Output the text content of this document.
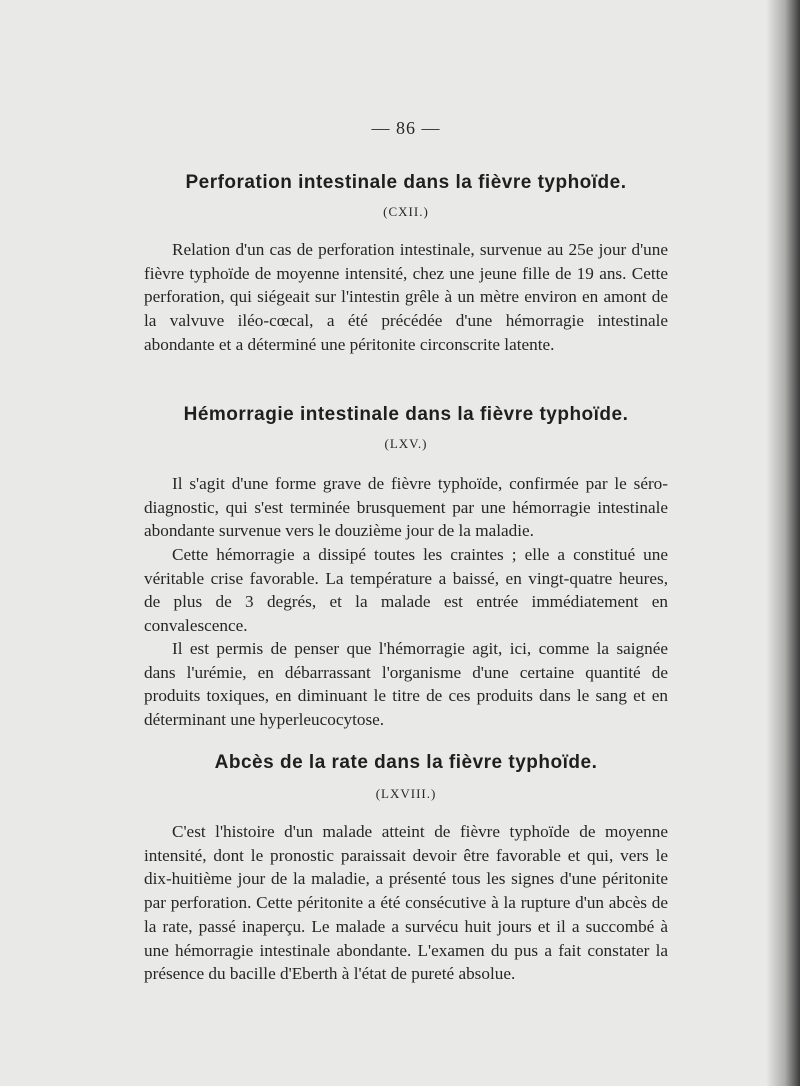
— 86 —
Perforation intestinale dans la fièvre typhoïde.
(CXII.)

Relation d'un cas de perforation intestinale, survenue au 25e jour d'une fièvre typhoïde de moyenne intensité, chez une jeune fille de 19 ans. Cette perforation, qui siégeait sur l'intestin grêle à un mètre environ en amont de la valvuve iléo-cœcal, a été précédée d'une hémorragie intestinale abondante et a déterminé une péritonite circonscrite latente.

Hémorragie intestinale dans la fièvre typhoïde.
(LXV.)

Il s'agit d'une forme grave de fièvre typhoïde, confirmée par le séro-diagnostic, qui s'est terminée brusquement par une hémorragie intestinale abondante survenue vers le douzième jour de la maladie.

Cette hémorragie a dissipé toutes les craintes ; elle a constitué une véritable crise favorable. La température a baissé, en vingt-quatre heures, de plus de 3 degrés, et la malade est entrée immédiatement en convalescence.

Il est permis de penser que l'hémorragie agit, ici, comme la saignée dans l'urémie, en débarrassant l'organisme d'une certaine quantité de produits toxiques, en diminuant le titre de ces produits dans le sang et en déterminant une hyperleucocytose.

Abcès de la rate dans la fièvre typhoïde.
(LXVIII.)

C'est l'histoire d'un malade atteint de fièvre typhoïde de moyenne intensité, dont le pronostic paraissait devoir être favorable et qui, vers le dix-huitième jour de la maladie, a présenté tous les signes d'une péritonite par perforation. Cette péritonite a été consécutive à la rupture d'un abcès de la rate, passé inaperçu. Le malade a survécu huit jours et il a succombé à une hémorragie intestinale abondante. L'examen du pus a fait constater la présence du bacille d'Eberth à l'état de pureté absolue.
